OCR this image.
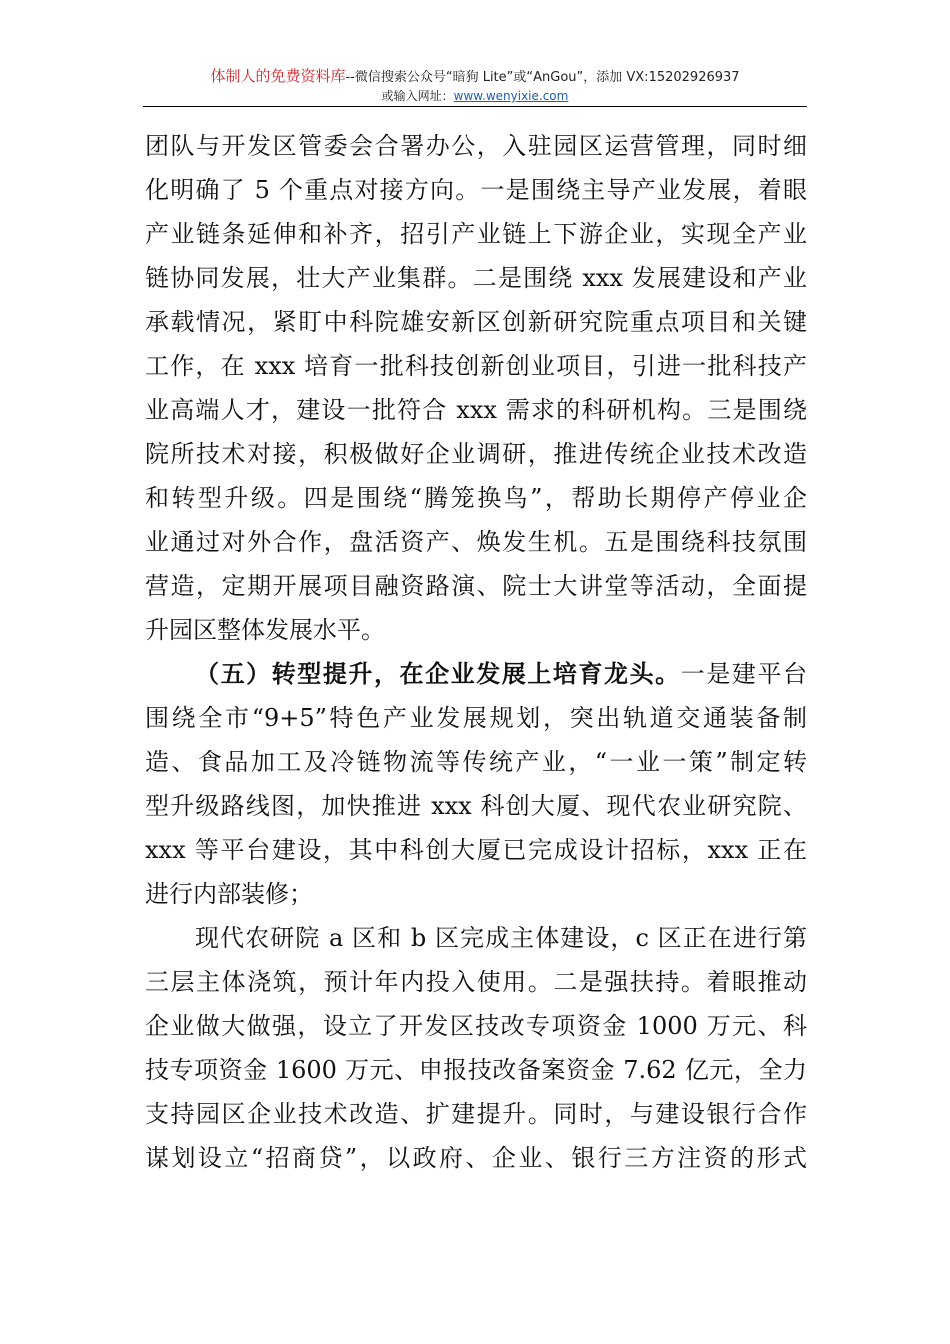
体制人的免费资料库--微信搜索公众号“暗狗 Lite”或“AnGou”，添加 VX:15202926937
或输入网址：www.wenyixie.com
团队与开发区管委会合署办公，入驻园区运营管理，同时细
化明确了 5 个重点对接方向。一是围绕主导产业发展，着眼
产业链条延伸和补齐，招引产业链上下游企业，实现全产业
链协同发展，壮大产业集群。二是围绕 xxx 发展建设和产业
承载情况，紧盯中科院雄安新区创新研究院重点项目和关键
工作，在 xxx 培育一批科技创新创业项目，引进一批科技产
业高端人才，建设一批符合 xxx 需求的科研机构。三是围绕
院所技术对接，积极做好企业调研，推进传统企业技术改造
和转型升级。四是围绕“腾笼换鸟”，帮助长期停产停业企
业通过对外合作，盘活资产、焕发生机。五是围绕科技氛围
营造，定期开展项目融资路演、院士大讲堂等活动，全面提
升园区整体发展水平。
（五）转型提升，在企业发展上培育龙头。一是建平台
围绕全市“9+5”特色产业发展规划，突出轨道交通装备制
造、食品加工及冷链物流等传统产业，“一业一策”制定转
型升级路线图，加快推进 xxx 科创大厦、现代农业研究院、
xxx 等平台建设，其中科创大厦已完成设计招标，xxx 正在
进行内部装修；
现代农研院 a 区和 b 区完成主体建设，c 区正在进行第
三层主体浇筑，预计年内投入使用。二是强扶持。着眼推动
企业做大做强，设立了开发区技改专项资金 1000 万元、科
技专项资金 1600 万元、申报技改备案资金 7.62 亿元，全力
支持园区企业技术改造、扩建提升。同时，与建设银行合作
谋划设立“招商贷”，以政府、企业、银行三方注资的形式
